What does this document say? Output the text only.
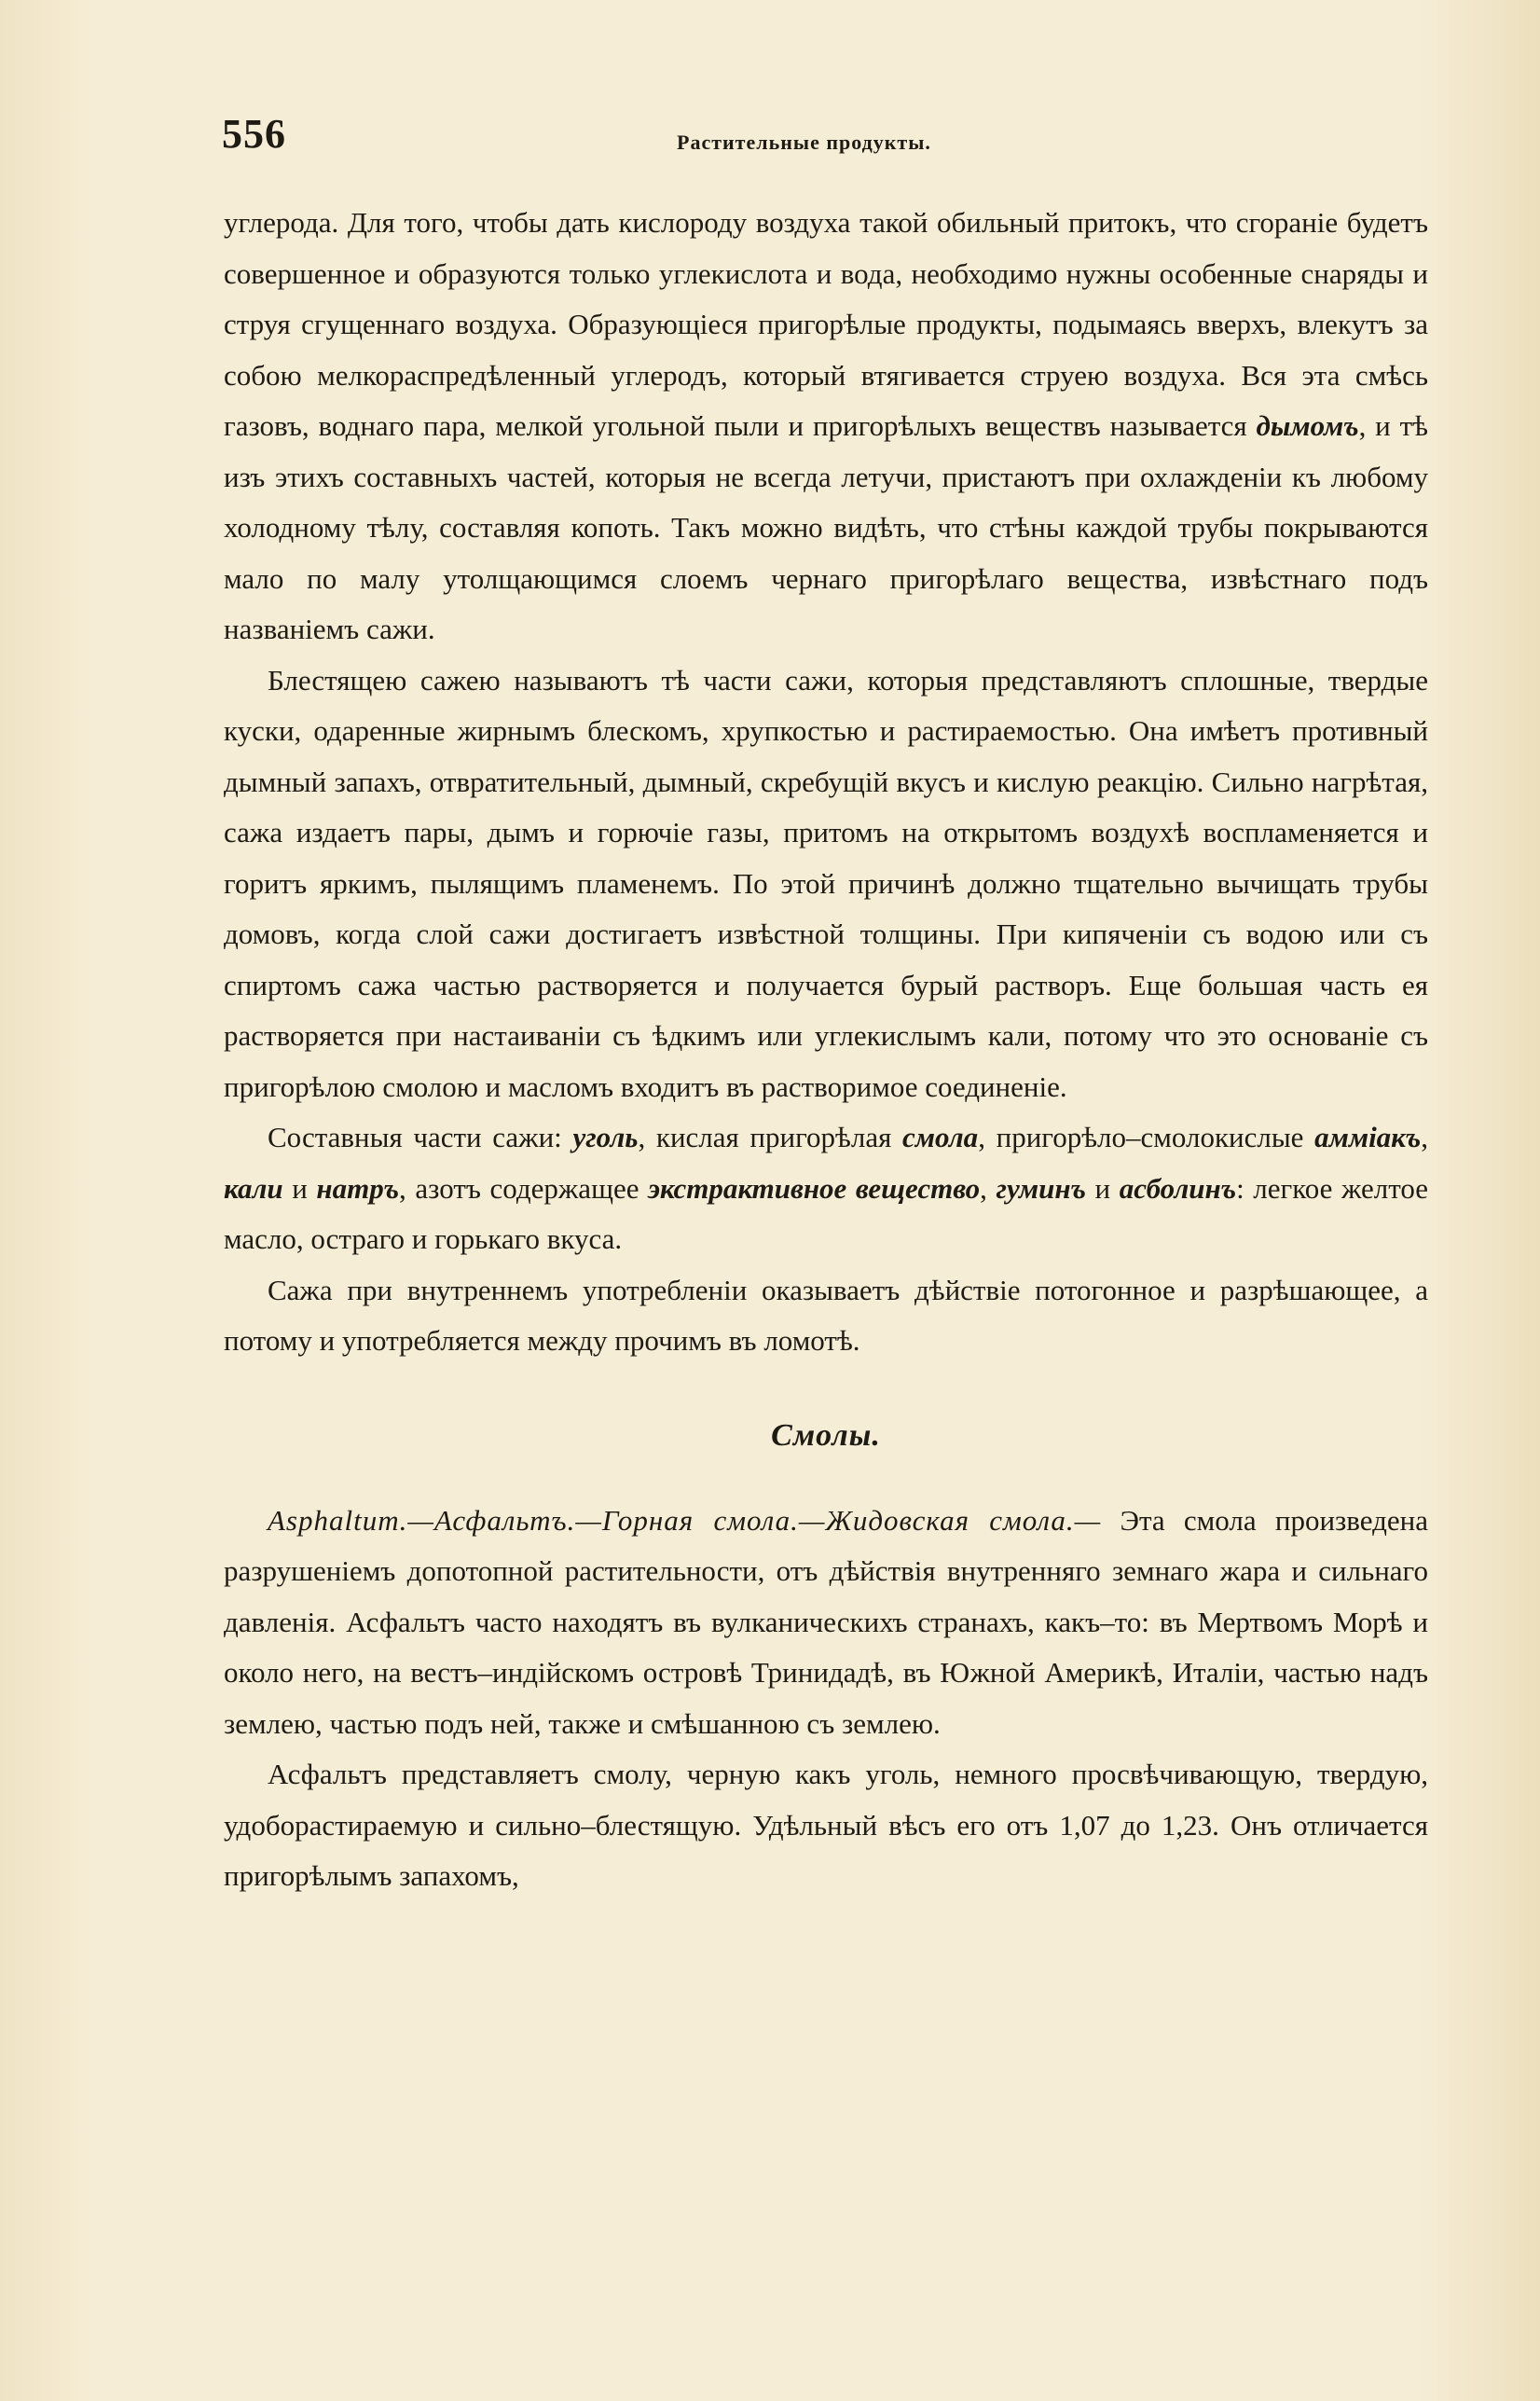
556	Растительные продукты.

углерода. Для того, чтобы дать кислороду воздуха такой обильный притокъ, что сгораніе будетъ совершенное и образуются только углекислота и вода, необходимо нужны особенные снаряды и струя сгущеннаго воздуха. Образующіеся пригорѣлые продукты, подымаясь вверхъ, влекутъ за собою мелкораспредѣленный углеродъ, который втягивается струею воздуха. Вся эта смѣсь газовъ, воднаго пара, мелкой угольной пыли и пригорѣлыхъ веществъ называется дымомъ, и тѣ изъ этихъ составныхъ частей, которыя не всегда летучи, пристаютъ при охлажденіи къ любому холодному тѣлу, составляя копоть. Такъ можно видѣть, что стѣны каждой трубы покрываются мало по малу утолщающимся слоемъ чернаго пригорѣлаго вещества, извѣстнаго подъ названіемъ сажи.

Блестящею сажею называютъ тѣ части сажи, которыя представляютъ сплошные, твердые куски, одаренные жирнымъ блескомъ, хрупкостью и растираемостью. Она имѣетъ противный дымный запахъ, отвратительный, дымный, скребущій вкусъ и кислую реакцію. Сильно нагрѣтая, сажа издаетъ пары, дымъ и горючіе газы, притомъ на открытомъ воздухѣ воспламеняется и горитъ яркимъ, пылящимъ пламенемъ. По этой причинѣ должно тщательно вычищать трубы домовъ, когда слой сажи достигаетъ извѣстной толщины. При кипяченіи съ водою или съ спиртомъ сажа частью растворяется и получается бурый растворъ. Еще большая часть ея растворяется при настаиваніи съ ѣдкимъ или углекислымъ кали, потому что это основаніе съ пригорѣлою смолою и масломъ входитъ въ растворимое соединеніе.

Составныя части сажи: уголь, кислая пригорѣлая смола, пригорѣло–смолокислые аммiакъ, кали и натръ, азотъ содержащее экстрактивное вещество, гуминъ и асболинъ: легкое желтое масло, остраго и горькаго вкуса.

Сажа при внутреннемъ употребленіи оказываетъ дѣйствіе потогонное и разрѣшающее, а потому и употребляется между прочимъ въ ломотѣ.

Смолы.

Asphaltum.—Асфальтъ.—Горная смола.—Жидовская смола.— Эта смола произведена разрушеніемъ допотопной растительности, отъ дѣйствія внутренняго земнаго жара и сильнаго давленія. Асфальтъ часто находятъ въ вулканическихъ странахъ, какъ–то: въ Мертвомъ Морѣ и около него, на вестъ–индійскомъ островѣ Тринидадѣ, въ Южной Америкѣ, Италіи, частью надъ землею, частью подъ ней, также и смѣшанною съ землею.

Асфальтъ представляетъ смолу, черную какъ уголь, немного просвѣчивающую, твердую, удоборастираемую и сильно–блестящую. Удѣльный вѣсъ его отъ 1,07 до 1,23. Онъ отличается пригорѣлымъ запахомъ,
